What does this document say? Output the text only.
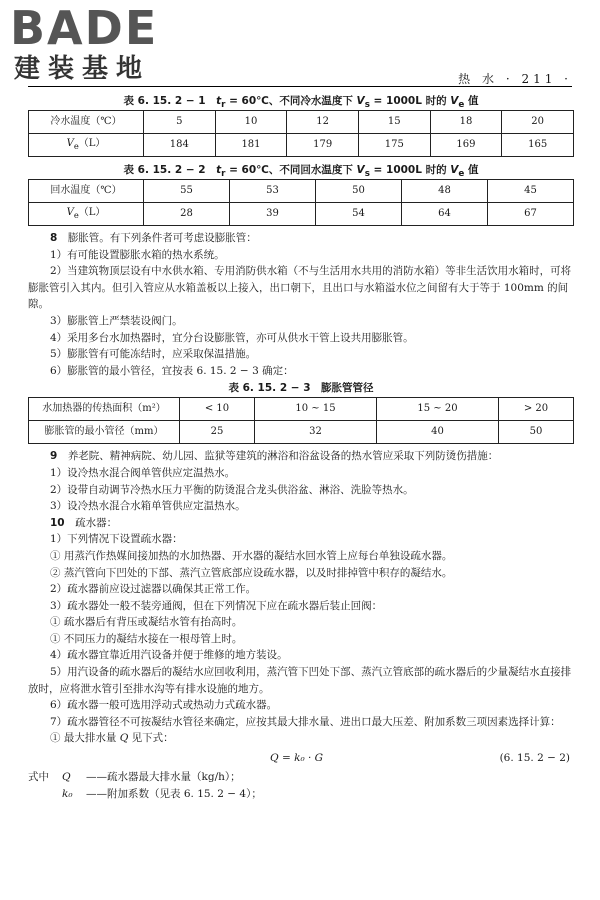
BADE
建装基地	热 水 · 211 ·
表 6. 15. 2 − 1　 $t_r$ = 60℃、不同冷水温度下 $V_s = 1000L$ 时的 $V_e$ 值
冷水温度（℃）	5	10	12	15	18	20
$V_e(L)$	184	181	179	175	169	165
表 6. 15. 2 − 2　 $t_r$ = 60℃、不同回水温度下 $V_s = 1000L$ 时的 $V_e$ 值
回水温度（℃）	55	53	50	48	45
$V_e(L)$	28	39	54	64	67

8　 膨胀管。有下列条件者可考虑设膨胀管：

1）有可能设置膨胀水箱的热水系统。

2）当建筑物顶层设有中水供水箱、专用消防供水箱（不与生活用水共用的消防水箱）等非生活饮用水箱时，可将膨胀管引入其内。但引入管应从水箱盖板以上接入，出口朝下，且出口与水箱溢水位之间留有大于等于 100mm 的间隙。

3）膨胀管上严禁装设阀门。

4）采用多台水加热器时，宜分台设膨胀管，亦可从供水干管上设共用膨胀管。

5）膨胀管有可能冻结时，应采取保温措施。

6）膨胀管的最小管径，宜按表 6. 15. 2 − 3 确定：

表 6. 15. 2 − 3　膨胀管管径
水加热器的传热面积（m²）	< 10	10 ~ 15	15 ~ 20	> 20
膨胀管的最小管径（mm）	25	32	40	50

9　 养老院、精神病院、幼儿园、监狱等建筑的淋浴和浴盆设备的热水管应采取下列防烫伤措施：

1）设冷热水混合阀单管供应定温热水。

2）设带自动调节冷热水压力平衡的防烫混合龙头供浴盆、淋浴、洗脸等热水。

3）设冷热水混合水箱单管供应定温热水。

10　 疏水器：

1）下列情况下设置疏水器：

① 用蒸汽作热媒间接加热的水加热器、开水器的凝结水回水管上应每台单独设疏水器。

② 蒸汽管向下凹处的下部、蒸汽立管底部应设疏水器，以及时排掉管中积存的凝结水。

2）疏水器前应设过滤器以确保其正常工作。

3）疏水器处一般不装旁通阀，但在下列情况下应在疏水器后装止回阀：

① 疏水器后有背压或凝结水管有抬高时。

① 不同压力的凝结水接在一根母管上时。

4）疏水器宜靠近用汽设备并便于维修的地方装设。

5）用汽设备的疏水器后的凝结水应回收利用，蒸汽管下凹处下部、蒸汽立管底部的疏水器后的少量凝结水直接排放时，应将泄水管引至排水沟等有排水设施的地方。

6）疏水器一般可选用浮动式或热动力式疏水器。

7）疏水器管径不可按凝结水管径来确定，应按其最大排水量、进出口最大压差、附加系数三项因素选择计算：

① 最大排水量 Q 见下式：

Q = k₀ · G	(6. 15. 2 − 2)
式中 Q ——疏水器最大排水量（kg/h）；
k₀ ——附加系数（见表 6. 15. 2 − 4）；
